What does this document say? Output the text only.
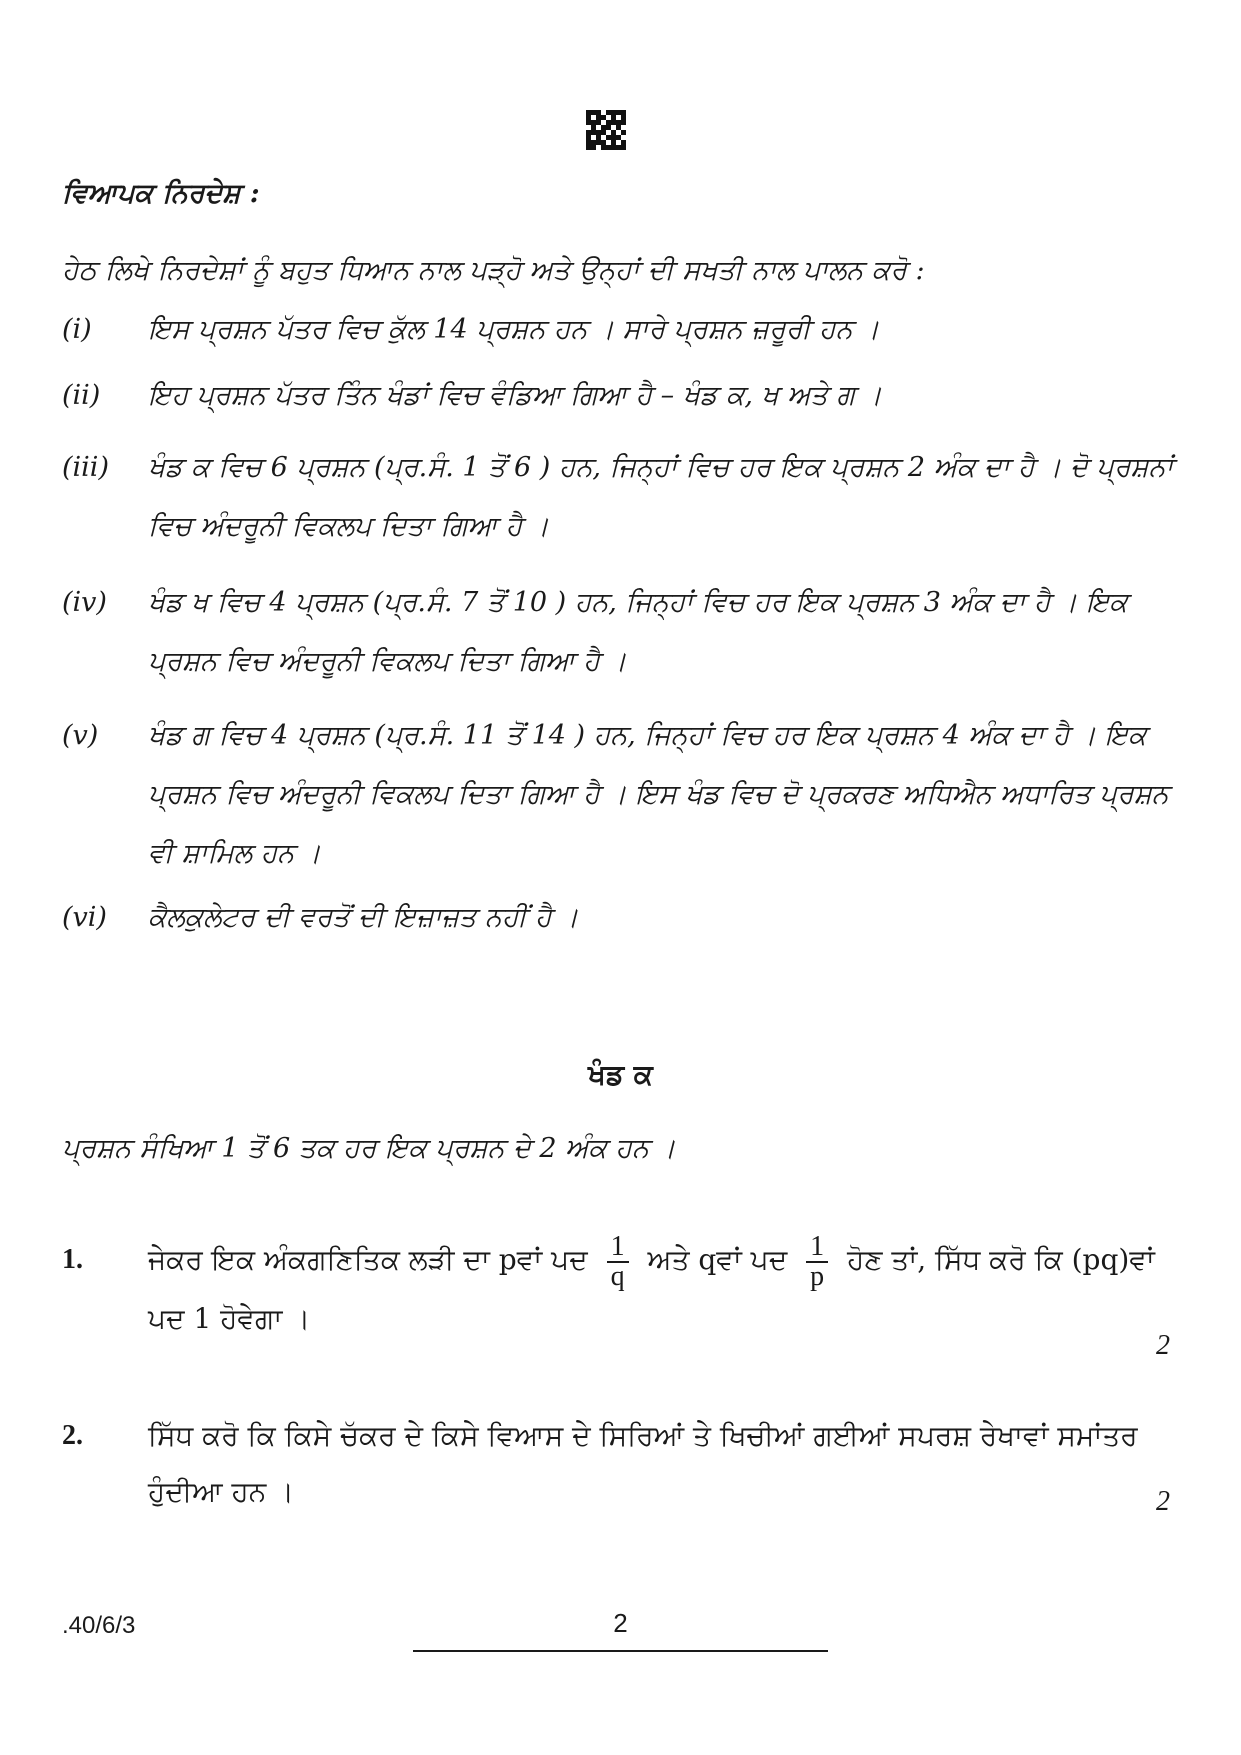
ਵਿਆਪਕ ਨਿਰਦੇਸ਼ :
ਹੇਠ ਲਿਖੇ ਨਿਰਦੇਸ਼ਾਂ ਨੂੰ ਬਹੁਤ ਧਿਆਨ ਨਾਲ ਪੜ੍ਹੋ ਅਤੇ ਉਨ੍ਹਾਂ ਦੀ ਸਖਤੀ ਨਾਲ ਪਾਲਨ ਕਰੋ :
(i)	ਇਸ ਪ੍ਰਸ਼ਨ ਪੱਤਰ ਵਿਚ ਕੁੱਲ 14 ਪ੍ਰਸ਼ਨ ਹਨ । ਸਾਰੇ ਪ੍ਰਸ਼ਨ ਜ਼ਰੂਰੀ ਹਨ ।
(ii)	ਇਹ ਪ੍ਰਸ਼ਨ ਪੱਤਰ ਤਿੰਨ ਖੰਡਾਂ ਵਿਚ ਵੰਡਿਆ ਗਿਆ ਹੈ – ਖੰਡ ਕ, ਖ ਅਤੇ ਗ ।
(iii)	ਖੰਡ ਕ ਵਿਚ 6 ਪ੍ਰਸ਼ਨ (ਪ੍ਰ.ਸੰ. 1 ਤੋਂ 6 ) ਹਨ, ਜਿਨ੍ਹਾਂ ਵਿਚ ਹਰ ਇਕ ਪ੍ਰਸ਼ਨ 2 ਅੰਕ ਦਾ ਹੈ । ਦੋ ਪ੍ਰਸ਼ਨਾਂ ਵਿਚ ਅੰਦਰੂਨੀ ਵਿਕਲਪ ਦਿਤਾ ਗਿਆ ਹੈ ।
(iv)	ਖੰਡ ਖ ਵਿਚ 4 ਪ੍ਰਸ਼ਨ (ਪ੍ਰ.ਸੰ. 7 ਤੋਂ 10 ) ਹਨ, ਜਿਨ੍ਹਾਂ ਵਿਚ ਹਰ ਇਕ ਪ੍ਰਸ਼ਨ 3 ਅੰਕ ਦਾ ਹੈ । ਇਕ ਪ੍ਰਸ਼ਨ ਵਿਚ ਅੰਦਰੂਨੀ ਵਿਕਲਪ ਦਿਤਾ ਗਿਆ ਹੈ ।
(v)	ਖੰਡ ਗ ਵਿਚ 4 ਪ੍ਰਸ਼ਨ (ਪ੍ਰ.ਸੰ. 11 ਤੋਂ 14 ) ਹਨ, ਜਿਨ੍ਹਾਂ ਵਿਚ ਹਰ ਇਕ ਪ੍ਰਸ਼ਨ 4 ਅੰਕ ਦਾ ਹੈ । ਇਕ ਪ੍ਰਸ਼ਨ ਵਿਚ ਅੰਦਰੂਨੀ ਵਿਕਲਪ ਦਿਤਾ ਗਿਆ ਹੈ । ਇਸ ਖੰਡ ਵਿਚ ਦੋ ਪ੍ਰਕਰਣ ਅਧਿਐਨ ਅਧਾਰਿਤ ਪ੍ਰਸ਼ਨ ਵੀ ਸ਼ਾਮਿਲ ਹਨ ।
(vi)	ਕੈਲਕੁਲੇਟਰ ਦੀ ਵਰਤੋਂ ਦੀ ਇਜ਼ਾਜ਼ਤ ਨਹੀਂ ਹੈ ।
ਖੰਡ ਕ
ਪ੍ਰਸ਼ਨ ਸੰਖਿਆ 1 ਤੋਂ 6 ਤਕ ਹਰ ਇਕ ਪ੍ਰਸ਼ਨ ਦੇ 2 ਅੰਕ ਹਨ ।
1. ਜੇਕਰ ਇਕ ਅੰਕਗਣਿਤਿਕ ਲੜੀ ਦਾ pਵਾਂ ਪਦ $\frac{1}{q}$ ਅਤੇ qਵਾਂ ਪਦ $\frac{1}{p}$ ਹੋਣ ਤਾਂ, ਸਿੱਧ ਕਰੋ ਕਿ (pq)ਵਾਂ ਪਦ 1 ਹੋਵੇਗਾ ।
2
2. ਸਿੱਧ ਕਰੋ ਕਿ ਕਿਸੇ ਚੱਕਰ ਦੇ ਕਿਸੇ ਵਿਆਸ ਦੇ ਸਿਰਿਆਂ ਤੇ ਖਿਚੀਆਂ ਗਈਆਂ ਸਪਰਸ਼ ਰੇਖਾਵਾਂ ਸਮਾਂਤਰ ਹੁੰਦੀਆ ਹਨ ।	2
.40/6/3	2
